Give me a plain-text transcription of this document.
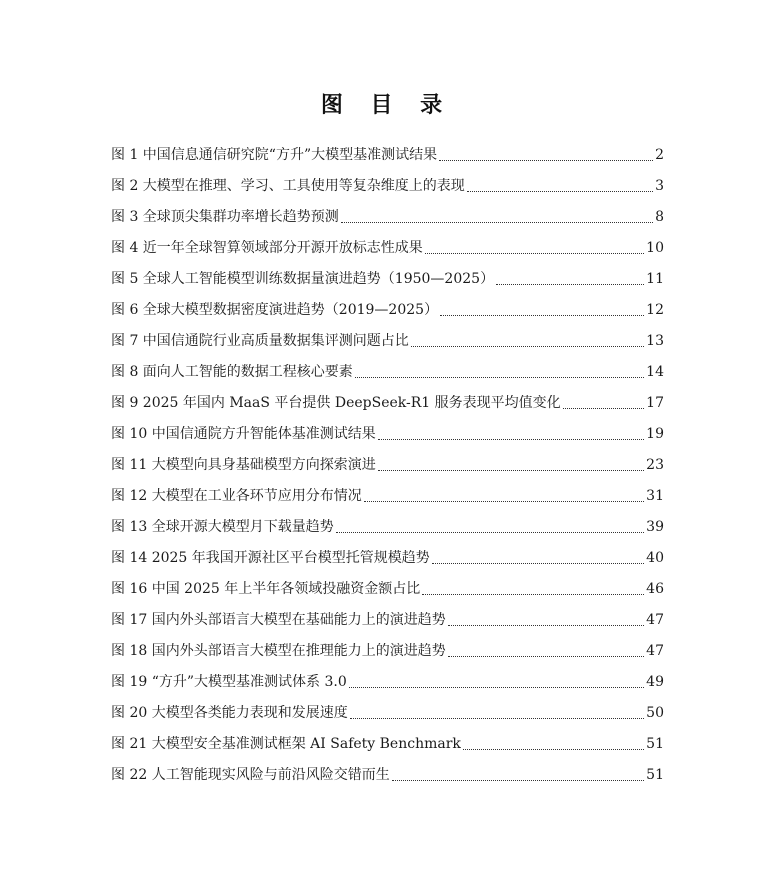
图 目 录
图 1 中国信息通信研究院“方升”大模型基准测试结果	2
图 2 大模型在推理、学习、工具使用等复杂维度上的表现	3
图 3 全球顶尖集群功率增长趋势预测	8
图 4 近一年全球智算领域部分开源开放标志性成果	10
图 5 全球人工智能模型训练数据量演进趋势（1950—2025）	11
图 6 全球大模型数据密度演进趋势（2019—2025）	12
图 7 中国信通院行业高质量数据集评测问题占比	13
图 8 面向人工智能的数据工程核心要素	14
图 9 2025 年国内 MaaS 平台提供 DeepSeek-R1 服务表现平均值变化	17
图 10 中国信通院方升智能体基准测试结果	19
图 11 大模型向具身基础模型方向探索演进	23
图 12 大模型在工业各环节应用分布情况	31
图 13 全球开源大模型月下载量趋势	39
图 14 2025 年我国开源社区平台模型托管规模趋势	40
图 16 中国 2025 年上半年各领域投融资金额占比	46
图 17 国内外头部语言大模型在基础能力上的演进趋势	47
图 18 国内外头部语言大模型在推理能力上的演进趋势	47
图 19 “方升”大模型基准测试体系 3.0	49
图 20 大模型各类能力表现和发展速度	50
图 21 大模型安全基准测试框架 AI Safety Benchmark	51
图 22 人工智能现实风险与前沿风险交错而生	51
